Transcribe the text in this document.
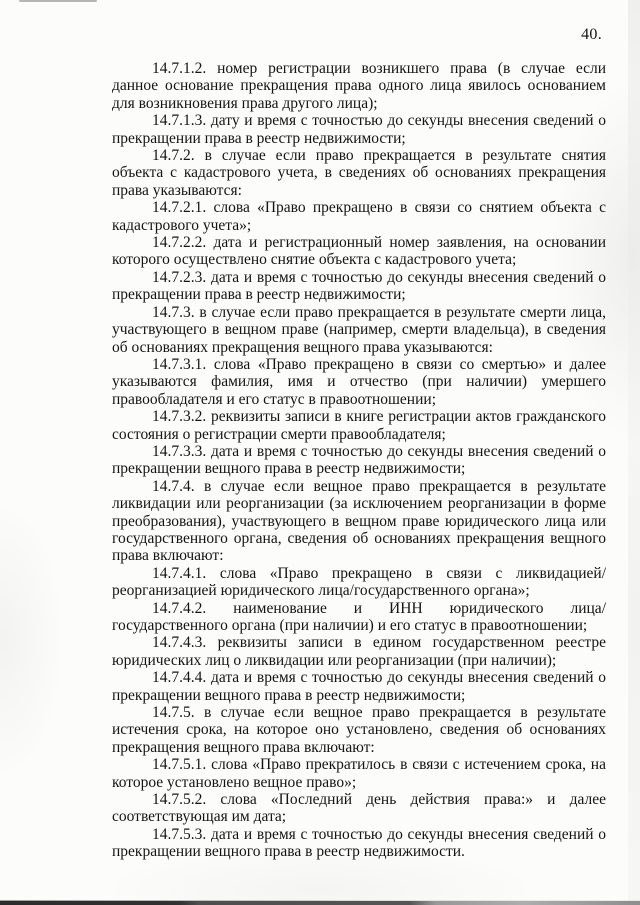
40.

14.7.1.2. номер регистрации возникшего права (в случае если данное основание прекращения права одного лица явилось основанием для возникновения права другого лица);

14.7.1.3. дату и время с точностью до секунды внесения сведений о прекращении права в реестр недвижимости;

14.7.2. в случае если право прекращается в результате снятия объекта с кадастрового учета, в сведениях об основаниях прекращения права указываются:

14.7.2.1. слова «Право прекращено в связи со снятием объекта с кадастрового учета»;

14.7.2.2. дата и регистрационный номер заявления, на основании которого осуществлено снятие объекта с кадастрового учета;

14.7.2.3. дата и время с точностью до секунды внесения сведений о прекращении права в реестр недвижимости;

14.7.3. в случае если право прекращается в результате смерти лица, участвующего в вещном праве (например, смерти владельца), в сведения об основаниях прекращения вещного права указываются:

14.7.3.1. слова «Право прекращено в связи со смертью» и далее указываются фамилия, имя и отчество (при наличии) умершего правообладателя и его статус в правоотношении;

14.7.3.2. реквизиты записи в книге регистрации актов гражданского состояния о регистрации смерти правообладателя;

14.7.3.3. дата и время с точностью до секунды внесения сведений о прекращении вещного права в реестр недвижимости;

14.7.4. в случае если вещное право прекращается в результате ликвидации или реорганизации (за исключением реорганизации в форме преобразования), участвующего в вещном праве юридического лица или государственного органа, сведения об основаниях прекращения вещного права включают:

14.7.4.1. слова «Право прекращено в связи с ликвидацией/ реорганизацией юридического лица/государственного органа»;

14.7.4.2. наименование и ИНН юридического лица/государственного органа (при наличии) и его статус в правоотношении;

14.7.4.3. реквизиты записи в едином государственном реестре юридических лиц о ликвидации или реорганизации (при наличии);

14.7.4.4. дата и время с точностью до секунды внесения сведений о прекращении вещного права в реестр недвижимости;

14.7.5. в случае если вещное право прекращается в результате истечения срока, на которое оно установлено, сведения об основаниях прекращения вещного права включают:

14.7.5.1. слова «Право прекратилось в связи с истечением срока, на которое установлено вещное право»;

14.7.5.2. слова «Последний день действия права:» и далее соответствующая им дата;

14.7.5.3. дата и время с точностью до секунды внесения сведений о прекращении вещного права в реестр недвижимости.
